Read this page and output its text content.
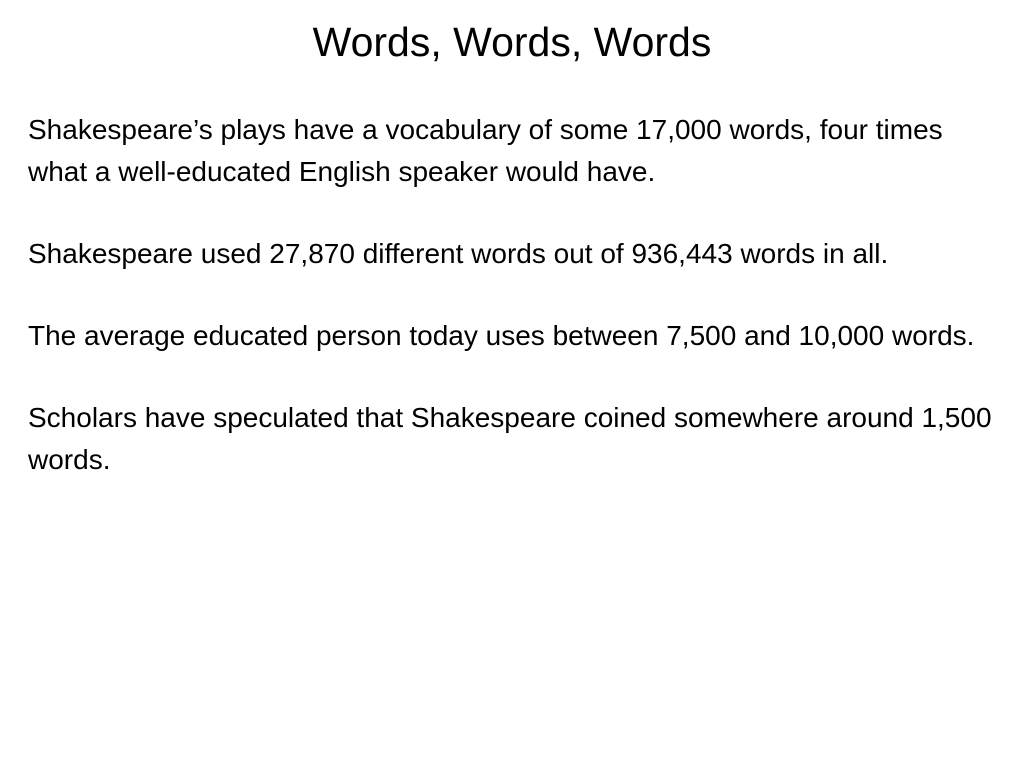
Words, Words, Words

Shakespeare’s plays have a vocabulary of some 17,000 words, four times what a well-educated English speaker would have.

Shakespeare used 27,870 different words out of 936,443 words in all.

The average educated person today uses between 7,500 and 10,000 words.

Scholars have speculated that Shakespeare coined somewhere around 1,500 words.
